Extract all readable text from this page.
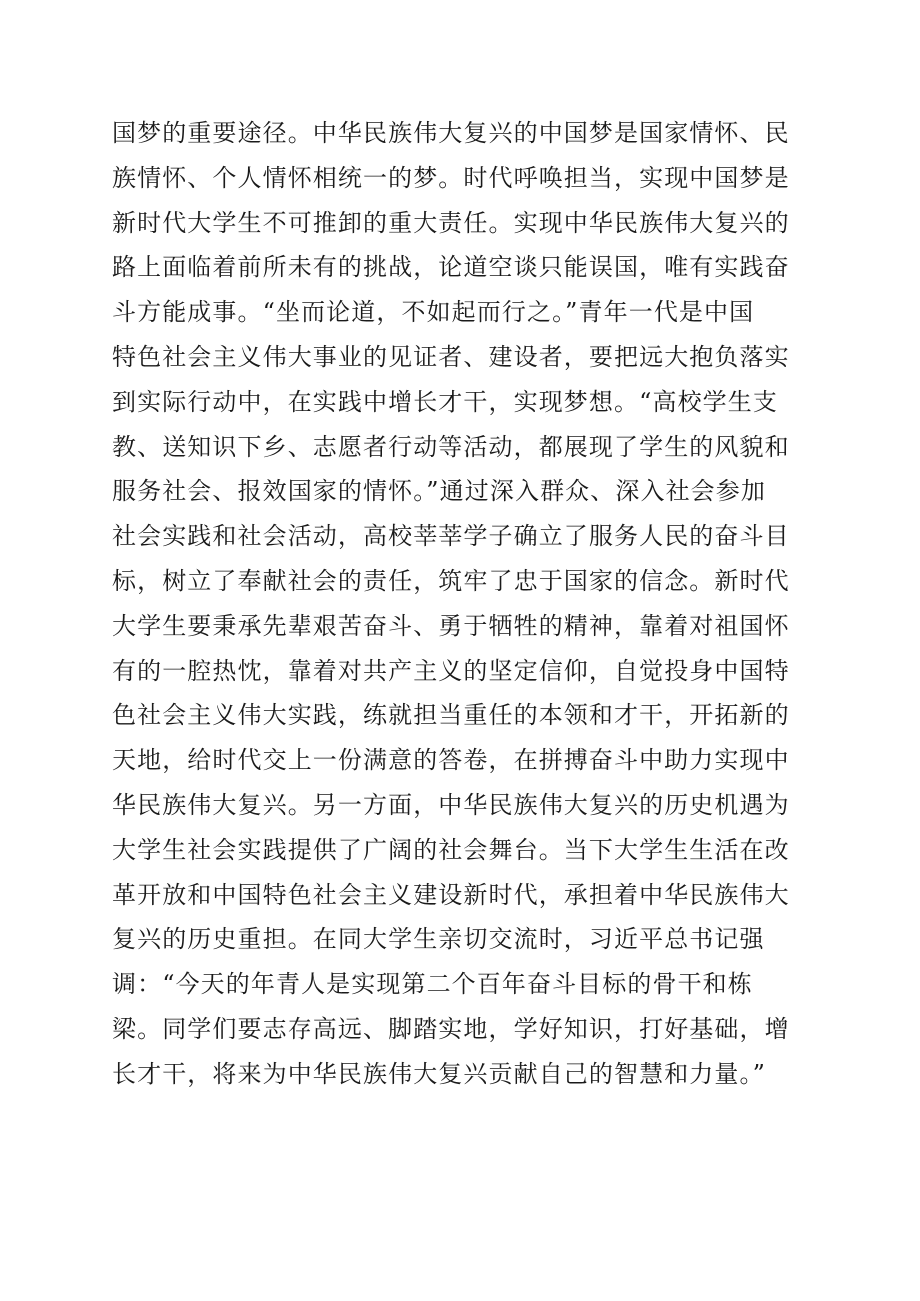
国梦的重要途径。中华民族伟大复兴的中国梦是国家情怀、民
族情怀、个人情怀相统一的梦。时代呼唤担当，实现中国梦是
新时代大学生不可推卸的重大责任。实现中华民族伟大复兴的
路上面临着前所未有的挑战，论道空谈只能误国，唯有实践奋
斗方能成事。“坐而论道，不如起而行之。”青年一代是中国
特色社会主义伟大事业的见证者、建设者，要把远大抱负落实
到实际行动中，在实践中增长才干，实现梦想。“高校学生支
教、送知识下乡、志愿者行动等活动，都展现了学生的风貌和
服务社会、报效国家的情怀。”通过深入群众、深入社会参加
社会实践和社会活动，高校莘莘学子确立了服务人民的奋斗目
标，树立了奉献社会的责任，筑牢了忠于国家的信念。新时代
大学生要秉承先辈艰苦奋斗、勇于牺牲的精神，靠着对祖国怀
有的一腔热忱，靠着对共产主义的坚定信仰，自觉投身中国特
色社会主义伟大实践，练就担当重任的本领和才干，开拓新的
天地，给时代交上一份满意的答卷，在拼搏奋斗中助力实现中
华民族伟大复兴。另一方面，中华民族伟大复兴的历史机遇为
大学生社会实践提供了广阔的社会舞台。当下大学生生活在改
革开放和中国特色社会主义建设新时代，承担着中华民族伟大
复兴的历史重担。在同大学生亲切交流时，习近平总书记强
调：“今天的年青人是实现第二个百年奋斗目标的骨干和栋
梁。同学们要志存高远、脚踏实地，学好知识，打好基础，增
长才干，将来为中华民族伟大复兴贡献自己的智慧和力量。”
